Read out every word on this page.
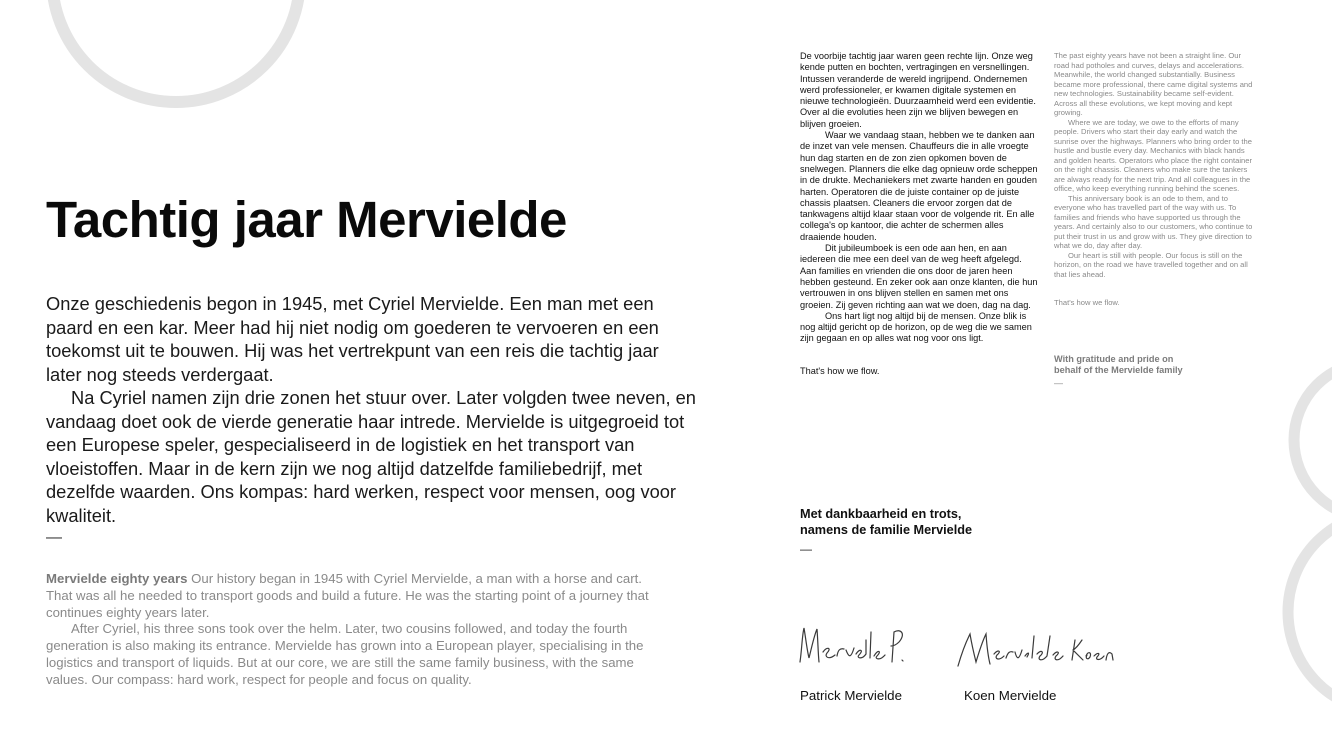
Tachtig jaar Mervielde

Onze geschiedenis begon in 1945, met Cyriel Mervielde. Een man met een paard en een kar. Meer had hij niet nodig om goederen te vervoeren en een toekomst uit te bouwen. Hij was het vertrekpunt van een reis die tachtig jaar later nog steeds verdergaat.

Na Cyriel namen zijn drie zonen het stuur over. Later volgden twee neven, en vandaag doet ook de vierde generatie haar intrede. Mervielde is uitgegroeid tot een Europese speler, gespecialiseerd in de logistiek en het transport van vloeistoffen. Maar in de kern zijn we nog altijd datzelfde familiebedrijf, met dezelfde waarden. Ons kompas: hard werken, respect voor mensen, oog voor kwaliteit.

—

Mervielde eighty years Our history began in 1945 with Cyriel Mervielde, a man with a horse and cart. That was all he needed to transport goods and build a future. He was the starting point of a journey that continues eighty years later.

After Cyriel, his three sons took over the helm. Later, two cousins followed, and today the fourth generation is also making its entrance. Mervielde has grown into a European player, specialising in the logistics and transport of liquids. But at our core, we are still the same family business, with the same values. Our compass: hard work, respect for people and focus on quality.

De voorbije tachtig jaar waren geen rechte lijn. Onze weg kende putten en bochten, vertragingen en versnellingen. Intussen veranderde de wereld ingrijpend. Ondernemen werd professioneler, er kwamen digitale systemen en nieuwe technologieën. Duurzaamheid werd een evidentie. Over al die evoluties heen zijn we blijven bewegen en blijven groeien.

Waar we vandaag staan, hebben we te danken aan de inzet van vele mensen. Chauffeurs die in alle vroegte hun dag starten en de zon zien opkomen boven de snelwegen. Planners die elke dag opnieuw orde scheppen in de drukte. Mechaniekers met zwarte handen en gouden harten. Operatoren die de juiste container op de juiste chassis plaatsen. Cleaners die ervoor zorgen dat de tankwagens altijd klaar staan voor de volgende rit. En alle collega's op kantoor, die achter de schermen alles draaiende houden.

Dit jubileumboek is een ode aan hen, en aan iedereen die mee een deel van de weg heeft afgelegd. Aan families en vrienden die ons door de jaren heen hebben gesteund. En zeker ook aan onze klanten, die hun vertrouwen in ons blijven stellen en samen met ons groeien. Zij geven richting aan wat we doen, dag na dag.

Ons hart ligt nog altijd bij de mensen. Onze blik is nog altijd gericht op de horizon, op de weg die we samen zijn gegaan en op alles wat nog voor ons ligt.

That's how we flow.

The past eighty years have not been a straight line. Our road had potholes and curves, delays and accelerations. Meanwhile, the world changed substantially. Business became more professional, there came digital systems and new technologies. Sustainability became self-evident. Across all these evolutions, we kept moving and kept growing.

Where we are today, we owe to the efforts of many people. Drivers who start their day early and watch the sunrise over the highways. Planners who bring order to the hustle and bustle every day. Mechanics with black hands and golden hearts. Operators who place the right container on the right chassis. Cleaners who make sure the tankers are always ready for the next trip. And all colleagues in the office, who keep everything running behind the scenes.

This anniversary book is an ode to them, and to everyone who has travelled part of the way with us. To families and friends who have supported us through the years. And certainly also to our customers, who continue to put their trust in us and grow with us. They give direction to what we do, day after day.

Our heart is still with people. Our focus is still on the horizon, on the road we have travelled together and on all that lies ahead.

That's how we flow.

With gratitude and pride on
behalf of the Mervielde family
—
Met dankbaarheid en trots,
namens de familie Mervielde
—
Patrick Mervielde	Koen Mervielde
